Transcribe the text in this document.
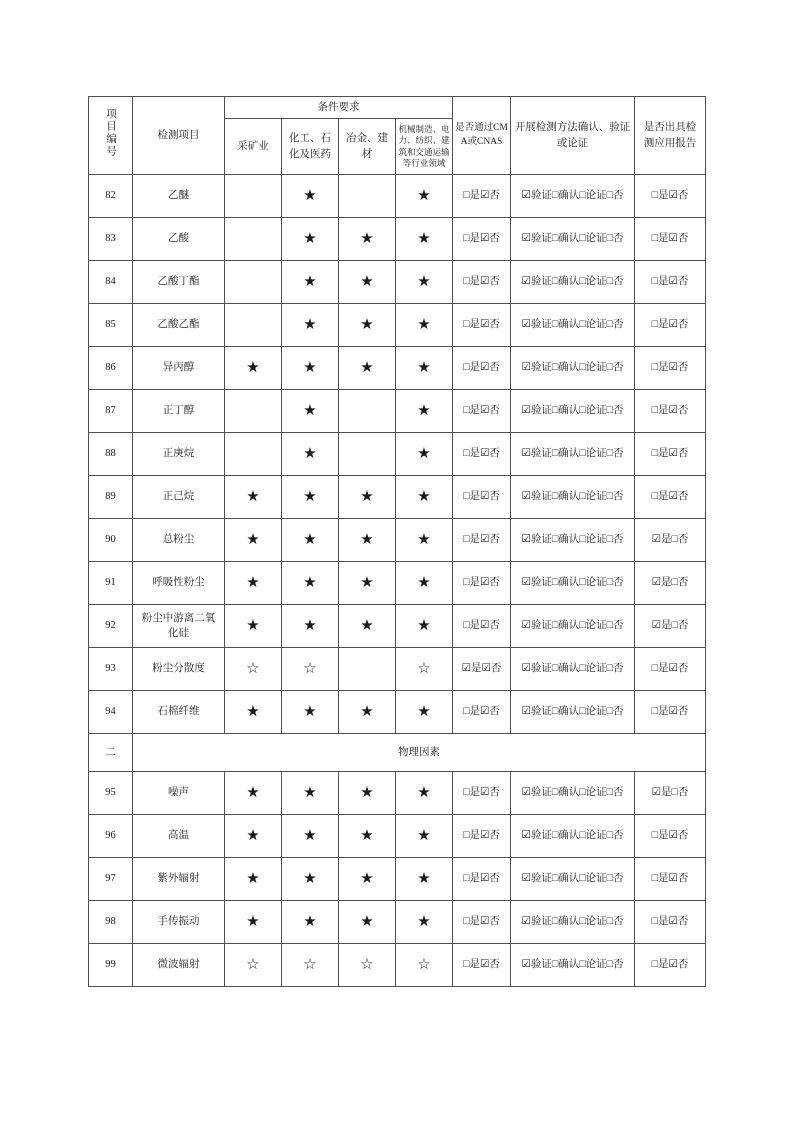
项目编号	检测项目	条件要求				是否通过CMA或CNAS	开展检测方法确认、验证或论证	是否出具检测应用报告
		采矿业	化工、石化及医药	冶金、建材	机械制造、电力、纺织、建筑和交通运输等行业领域			
82	乙醚		★		★	□是☑否	☑验证□确认□论证□否	□是☑否
83	乙酸		★	★	★	□是☑否	☑验证□确认□论证□否	□是☑否
84	乙酸丁酯		★	★	★	□是☑否	☑验证□确认□论证□否	□是☑否
85	乙酸乙酯		★	★	★	□是☑否	☑验证□确认□论证□否	□是☑否
86	异丙醇	★	★	★	★	□是☑否	☑验证□确认□论证□否	□是☑否
87	正丁醇		★		★	□是☑否	☑验证□确认□论证□否	□是☑否
88	正庚烷		★		★	□是☑否	☑验证□确认□论证□否	□是☑否
89	正己烷	★	★	★	★	□是☑否	☑验证□确认□论证□否	□是☑否
90	总粉尘	★	★	★	★	□是☑否	☑验证□确认□论证□否	☑是□否
91	呼吸性粉尘	★	★	★	★	□是☑否	☑验证□确认□论证□否	☑是□否
92	粉尘中游离二氧化硅	★	★	★	★	□是☑否	☑验证□确认□论证□否	☑是□否
93	粉尘分散度	☆	☆		☆	☑是☑否	☑验证□确认□论证□否	□是☑否
94	石棉纤维	★	★	★	★	□是☑否	☑验证□确认□论证□否	□是☑否
二	物理因素							
95	噪声	★	★	★	★	□是☑否	☑验证□确认□论证□否	☑是□否
96	高温	★	★	★	★	□是☑否	☑验证□确认□论证□否	□是☑否
97	紫外辐射	★	★	★	★	□是☑否	☑验证□确认□论证□否	□是☑否
98	手传振动	★	★	★	★	□是☑否	☑验证□确认□论证□否	□是☑否
99	微波辐射	☆	☆	☆	☆	□是☑否	☑验证□确认□论证□否	□是☑否
